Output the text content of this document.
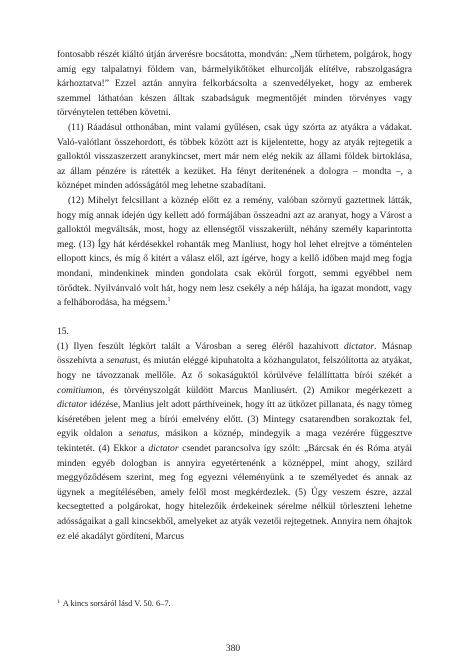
fontosabb részét kiáltó útján árverésre bocsátotta, mondván: „Nem tűrhetem, polgárok, hogy amíg egy talpalatnyi földem van, bármelyikőtöket elhurcolják elítélve, rabszolgaságra kárhoztatva!” Ezzel aztán annyira felkorbácsolta a szenvedélyeket, hogy az emberek szemmel láthatóan készen álltak szabadságuk megmentőjét minden törvényes vagy törvénytelen tettében követni.

(11) Ráadásul otthonában, mint valami gyűlésen, csak úgy szórta az atyákra a vádakat. Való-valótlant összehordott, és többek között azt is kijelentette, hogy az atyák rejtegetik a galloktól visszaszerzett aranykincset, mert már nem elég nekik az állami földek birtoklása, az állam pénzére is rátették a kezüket. Ha fényt derítenének a dologra – mondta –, a köznépet minden adósságától meg lehetne szabadítani.

(12) Mihelyt felcsillant a köznép előtt ez a remény, valóban szörnyű gaztettnek látták, hogy míg annak idején úgy kellett adó formájában összeadni azt az aranyat, hogy a Várost a galloktól megváltsák, most, hogy az ellenségtől visszakerült, néhány személy kaparintotta meg. (13) Így hát kérdésekkel rohanták meg Manliust, hogy hol lehet elrejtve a töméntelen ellopott kincs, és míg ő kitért a válasz elől, azt ígérve, hogy a kellő időben majd meg fogja mondani, mindenkinek minden gondolata csak ekörül forgott, semmi egyébbel nem törődtek. Nyilvánvaló volt hát, hogy nem lesz csekély a nép hálája, ha igazat mondott, vagy a felháborodása, ha mégsem.$^1$

15.

(1) Ilyen feszült légkört talált a Városban a sereg éléről hazahívott dictator. Másnap összehívta a senatust, és miután eléggé kipuhatolta a közhangulatot, felszólította az atyákat, hogy ne távozzanak mellőle. Az ő sokaságuktól körülvéve felállíttatta bírói székét a comitiumon, és törvényszolgát küldött Marcus Manliusért. (2) Amikor megérkezett a dictator idézése, Manlius jelt adott párthíveinek, hogy ítt az ütközet pillanata, és nagy tömeg kíséretében jelent meg a bírói emelvény előtt. (3) Mintegy csatarendben sorakoztak fel, egyik oldalon a senatus, másikon a köznép, mindegyik a maga vezérére függesztve tekintetét. (4) Ekkor a dictator csendet parancsolva így szólt: „Bárcsak én és Róma atyái minden egyéb dologban is annyira egyetértenénk a köznéppel, mint ahogy, szilárd meggyőződésem szerint, meg fog egyezni véleményünk a te személyedet és annak az ügynek a megítélésében, amely felől most megkérdezlek. (5) Úgy veszem észre, azzal kecsegtetted a polgárokat, hogy hitelezőik érdekeinek sérelme nélkül törleszteni lehetne adósságaikat a gall kincsekből, amelyeket az atyák vezetői rejtegetnek. Annyira nem óhajtok ez elé akadályt gördíteni, Marcus

$^1$ A kincs sorsáról lásd V. 50. 6–7.
380
